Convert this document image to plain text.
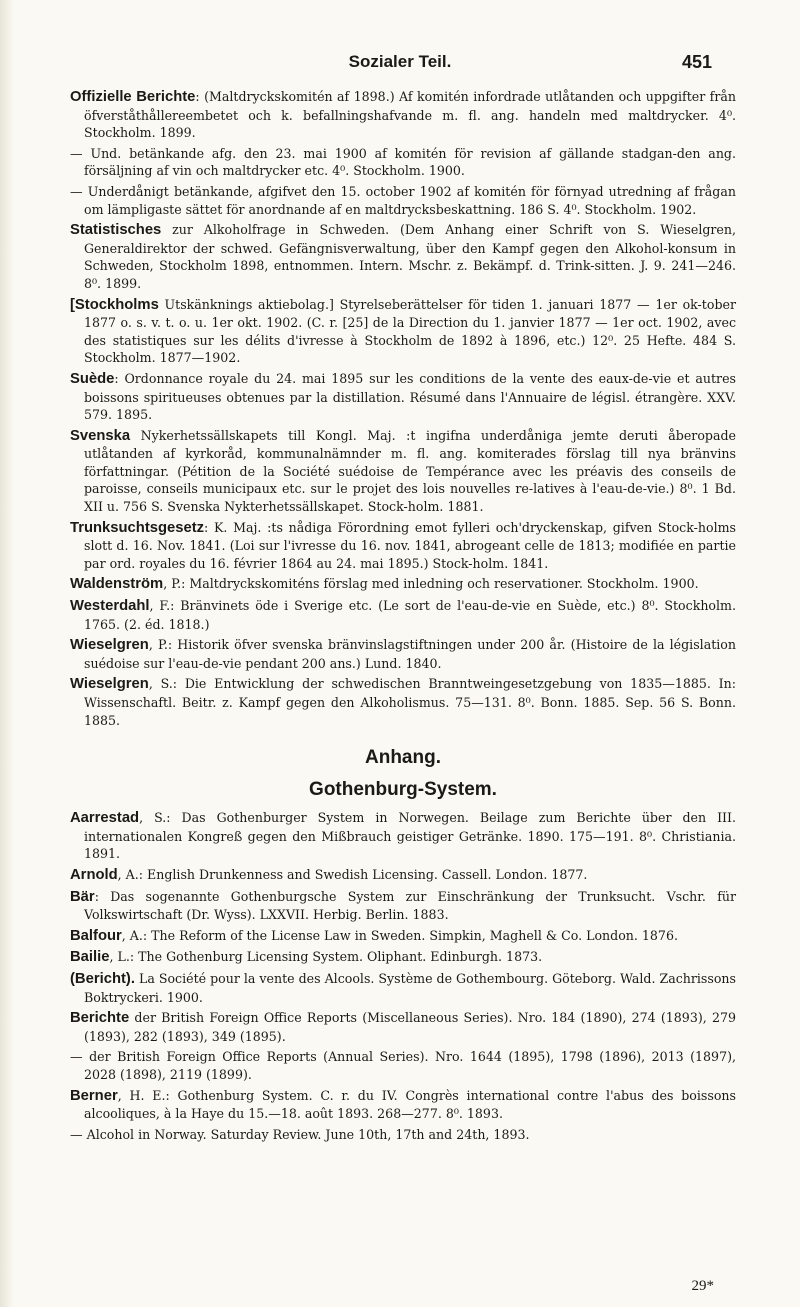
Sozialer Teil.	451
Offizielle Berichte: (Maltdryckskomitén af 1898.) Af komitén infordrade utlåtanden och uppgifter från öfverståthållereembetet och k. befallningshafvande m. fl. ang. handeln med maltdrycker. 4⁰. Stockholm. 1899.
— Und. betänkande afg. den 23. mai 1900 af komitén för revision af gällande stadgan-den ang. försäljning af vin och maltdrycker etc. 4⁰. Stockholm. 1900.
— Underdånigt betänkande, afgifvet den 15. october 1902 af komitén för förnyad utredning af frågan om lämpligaste sättet för anordnande af en maltdrycksbeskattning. 186 S. 4⁰. Stockholm. 1902.
Statistisches zur Alkoholfrage in Schweden. (Dem Anhang einer Schrift von S. Wieselgren, Generaldirektor der schwed. Gefängnisverwaltung, über den Kampf gegen den Alkohol-konsum in Schweden, Stockholm 1898, entnommen. Intern. Mschr. z. Bekämpf. d. Trink-sitten. J. 9. 241—246. 8⁰. 1899.
[Stockholms Utskänknings aktiebolag.] Styrelseberättelser för tiden 1. januari 1877 — 1er ok-tober 1877 o. s. v. t. o. u. 1er okt. 1902. (C. r. [25] de la Direction du 1. janvier 1877 — 1er oct. 1902, avec des statistiques sur les délits d'ivresse à Stockholm de 1892 à 1896, etc.) 12⁰. 25 Hefte. 484 S. Stockholm. 1877—1902.
Suède: Ordonnance royale du 24. mai 1895 sur les conditions de la vente des eaux-de-vie et autres boissons spiritueuses obtenues par la distillation. Résumé dans l'Annuaire de législ. étrangère. XXV. 579. 1895.
Svenska Nykerhetssällskapets till Kongl. Maj. :t ingifna underdåniga jemte deruti åberopade utlåtanden af kyrkoråd, kommunalnämnder m. fl. ang. komiterades förslag till nya bränvins författningar. (Pétition de la Société suédoise de Tempérance avec les préavis des conseils de paroisse, conseils municipaux etc. sur le projet des lois nouvelles re-latives à l'eau-de-vie.) 8⁰. 1 Bd. XII u. 756 S. Svenska Nykterhetssällskapet. Stock-holm. 1881.
Trunksuchtsgesetz: K. Maj. :ts nådiga Förordning emot fylleri och'dryckenskap, gifven Stock-holms slott d. 16. Nov. 1841. (Loi sur l'ivresse du 16. nov. 1841, abrogeant celle de 1813; modifiée en partie par ord. royales du 16. février 1864 au 24. mai 1895.) Stock-holm. 1841.
Waldenström, P.: Maltdryckskomiténs förslag med inledning och reservationer. Stockholm. 1900.
Westerdahl, F.: Bränvinets öde i Sverige etc. (Le sort de l'eau-de-vie en Suède, etc.) 8⁰. Stockholm. 1765. (2. éd. 1818.)
Wieselgren, P.: Historik öfver svenska bränvinslagstiftningen under 200 år. (Histoire de la législation suédoise sur l'eau-de-vie pendant 200 ans.) Lund. 1840.
Wieselgren, S.: Die Entwicklung der schwedischen Branntweingesetzgebung von 1835—1885. In: Wissenschaftl. Beitr. z. Kampf gegen den Alkoholismus. 75—131. 8⁰. Bonn. 1885. Sep. 56 S. Bonn. 1885.
Anhang.
Gothenburg-System.
Aarrestad, S.: Das Gothenburger System in Norwegen. Beilage zum Berichte über den III. internationalen Kongreß gegen den Mißbrauch geistiger Getränke. 1890. 175—191. 8⁰. Christiania. 1891.
Arnold, A.: English Drunkenness and Swedish Licensing. Cassell. London. 1877.
Bär: Das sogenannte Gothenburgsche System zur Einschränkung der Trunksucht. Vschr. für Volkswirtschaft (Dr. Wyss). LXXVII. Herbig. Berlin. 1883.
Balfour, A.: The Reform of the License Law in Sweden. Simpkin, Maghell & Co. London. 1876.
Bailie, L.: The Gothenburg Licensing System. Oliphant. Edinburgh. 1873.
(Bericht). La Société pour la vente des Alcools. Système de Gothembourg. Göteborg. Wald. Zachrissons Boktryckeri. 1900.
Berichte der British Foreign Office Reports (Miscellaneous Series). Nro. 184 (1890), 274 (1893), 279 (1893), 282 (1893), 349 (1895).
— der British Foreign Office Reports (Annual Series). Nro. 1644 (1895), 1798 (1896), 2013 (1897), 2028 (1898), 2119 (1899).
Berner, H. E.: Gothenburg System. C. r. du IV. Congrès international contre l'abus des boissons alcooliques, à la Haye du 15.—18. août 1893. 268—277. 8⁰. 1893.
— Alcohol in Norway. Saturday Review. June 10th, 17th and 24th, 1893.
29*
